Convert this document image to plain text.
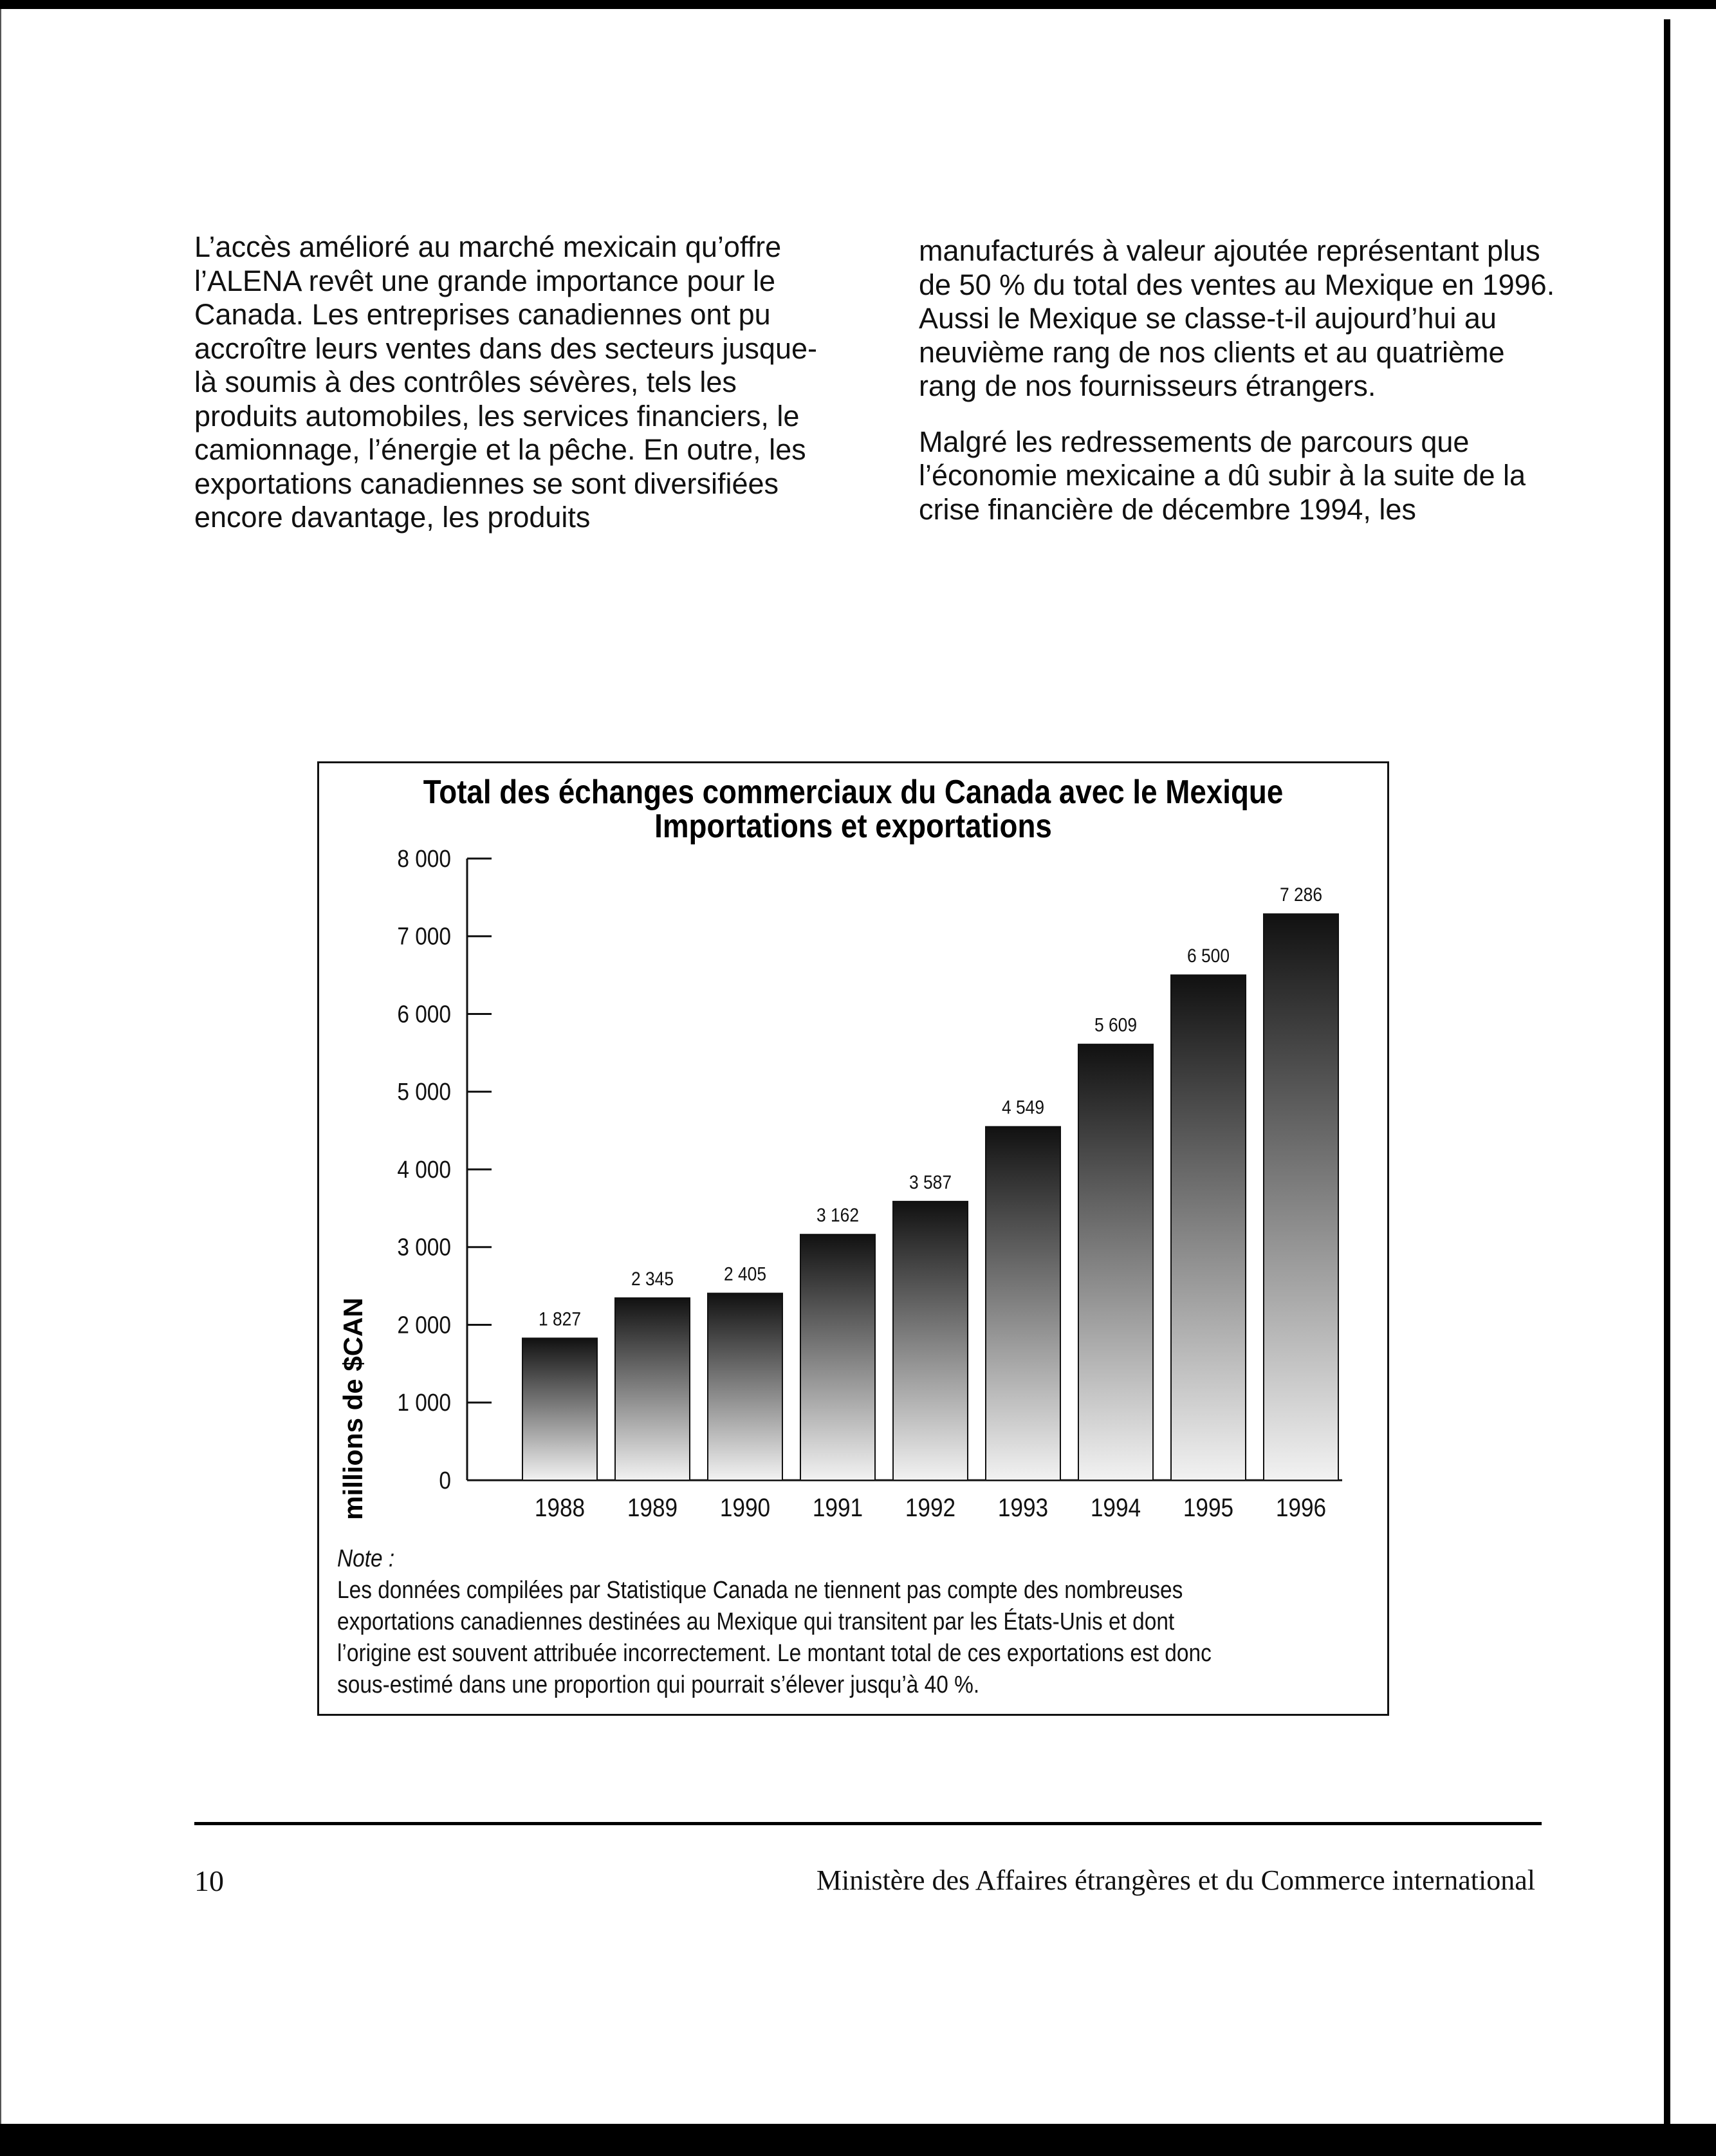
L’accès amélioré au marché mexicain qu’offre l’ALENA revêt une grande importance pour le Canada. Les entreprises canadiennes ont pu accroître leurs ventes dans des secteurs jusque-là soumis à des contrôles sévères, tels les produits automobiles, les services financiers, le camionnage, l’énergie et la pêche. En outre, les exportations canadiennes se sont diversifiées encore davantage, les produits

manufacturés à valeur ajoutée représentant plus de 50 % du total des ventes au Mexique en 1996. Aussi le Mexique se classe-t-il aujourd’hui au neuvième rang de nos clients et au quatrième rang de nos fournisseurs étrangers.

Malgré les redressements de parcours que l’économie mexicaine a dû subir à la suite de la crise financière de décembre 1994, les

Total des échanges commerciaux du Canada avec le Mexique
Importations et exportations
millions de $CAN	0
1 000
2 000
3 000
4 000
5 000
6 000
7 000
8 000
1 827
1988
2 345
1989
2 405
1990
3 162
1991
3 587
1992
4 549
1993
5 609
1994
6 500
1995
7 286
1996

Note :

Les données compilées par Statistique Canada ne tiennent pas compte des nombreuses

exportations canadiennes destinées au Mexique qui transitent par les États-Unis et dont

l’origine est souvent attribuée incorrectement. Le montant total de ces exportations est donc

sous-estimé dans une proportion qui pourrait s’élever jusqu’à 40 %.

10	Ministère des Affaires étrangères et du Commerce international
